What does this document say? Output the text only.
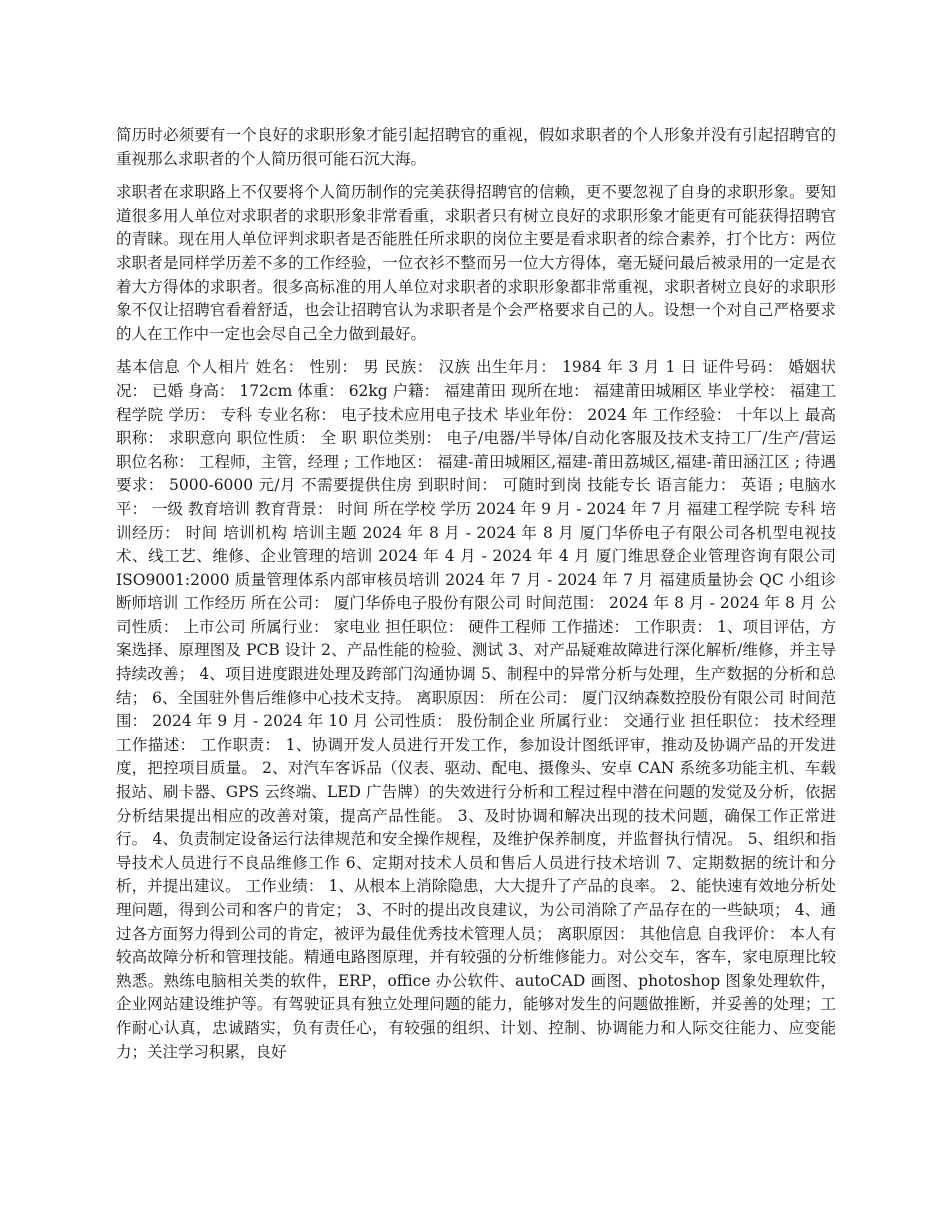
简历时必须要有一个良好的求职形象才能引起招聘官的重视，假如求职者的个人形象并没有引起招聘官的重视那么求职者的个人简历很可能石沉大海。

求职者在求职路上不仅要将个人简历制作的完美获得招聘官的信赖，更不要忽视了自身的求职形象。要知道很多用人单位对求职者的求职形象非常看重，求职者只有树立良好的求职形象才能更有可能获得招聘官的青睐。现在用人单位评判求职者是否能胜任所求职的岗位主要是看求职者的综合素养，打个比方：两位求职者是同样学历差不多的工作经验，一位衣衫不整而另一位大方得体，毫无疑问最后被录用的一定是衣着大方得体的求职者。很多高标准的用人单位对求职者的求职形象都非常重视，求职者树立良好的求职形象不仅让招聘官看着舒适，也会让招聘官认为求职者是个会严格要求自己的人。设想一个对自己严格要求的人在工作中一定也会尽自己全力做到最好。

基本信息 个人相片 姓名： 性别： 男 民族： 汉族 出生年月： 1984 年 3 月 1 日 证件号码： 婚姻状况： 已婚 身高： 172cm 体重： 62kg 户籍： 福建莆田 现所在地： 福建莆田城厢区 毕业学校： 福建工程学院 学历： 专科 专业名称： 电子技术应用电子技术 毕业年份： 2024 年 工作经验： 十年以上 最高职称： 求职意向 职位性质： 全 职 职位类别： 电子/电器/半导体/自动化客服及技术支持工厂/生产/营运 职位名称： 工程师，主管，经理 ; 工作地区： 福建-莆田城厢区,福建-莆田荔城区,福建-莆田涵江区 ; 待遇要求： 5000-6000 元/月 不需要提供住房 到职时间： 可随时到岗 技能专长 语言能力： 英语 ; 电脑水平： 一级 教育培训 教育背景： 时间 所在学校 学历 2024 年 9 月 - 2024 年 7 月 福建工程学院 专科 培训经历： 时间 培训机构 培训主题 2024 年 8 月 - 2024 年 8 月 厦门华侨电子有限公司各机型电视技术、线工艺、维修、企业管理的培训 2024 年 4 月 - 2024 年 4 月 厦门维思登企业管理咨询有限公司 ISO9001:2000 质量管理体系内部审核员培训 2024 年 7 月 - 2024 年 7 月 福建质量协会 QC 小组诊断师培训 工作经历 所在公司： 厦门华侨电子股份有限公司 时间范围： 2024 年 8 月 - 2024 年 8 月 公司性质： 上市公司 所属行业： 家电业 担任职位： 硬件工程师 工作描述： 工作职责： 1、项目评估，方案选择、原理图及 PCB 设计 2、产品性能的检验、测试 3、对产品疑难故障进行深化解析/维修，并主导持续改善； 4、项目进度跟进处理及跨部门沟通协调 5、制程中的异常分析与处理，生产数据的分析和总结； 6、全国驻外售后维修中心技术支持。 离职原因： 所在公司： 厦门汉纳森数控股份有限公司 时间范围： 2024 年 9 月 - 2024 年 10 月 公司性质： 股份制企业 所属行业： 交通行业 担任职位： 技术经理 工作描述： 工作职责： 1、协调开发人员进行开发工作，参加设计图纸评审，推动及协调产品的开发进度，把控项目质量。 2、对汽车客诉品（仪表、驱动、配电、摄像头、安卓 CAN 系统多功能主机、车载报站、刷卡器、GPS 云终端、LED 广告牌）的失效进行分析和工程过程中潜在问题的发觉及分析，依据分析结果提出相应的改善对策，提高产品性能。 3、及时协调和解决出现的技术问题，确保工作正常进行。 4、负责制定设备运行法律规范和安全操作规程，及维护保养制度，并监督执行情况。 5、组织和指导技术人员进行不良品维修工作 6、定期对技术人员和售后人员进行技术培训 7、定期数据的统计和分析，并提出建议。 工作业绩： 1、从根本上消除隐患，大大提升了产品的良率。 2、能快速有效地分析处理问题，得到公司和客户的肯定； 3、不时的提出改良建议，为公司消除了产品存在的一些缺项； 4、通过各方面努力得到公司的肯定，被评为最佳优秀技术管理人员； 离职原因： 其他信息 自我评价： 本人有较高故障分析和管理技能。精通电路图原理，并有较强的分析维修能力。对公交车，客车，家电原理比较熟悉。熟练电脑相关类的软件，ERP，office 办公软件、autoCAD 画图、photoshop 图象处理软件，企业网站建设维护等。有驾驶证具有独立处理问题的能力，能够对发生的问题做推断，并妥善的处理；工作耐心认真，忠诚踏实，负有责任心，有较强的组织、计划、控制、协调能力和人际交往能力、应变能力；关注学习积累，良好
